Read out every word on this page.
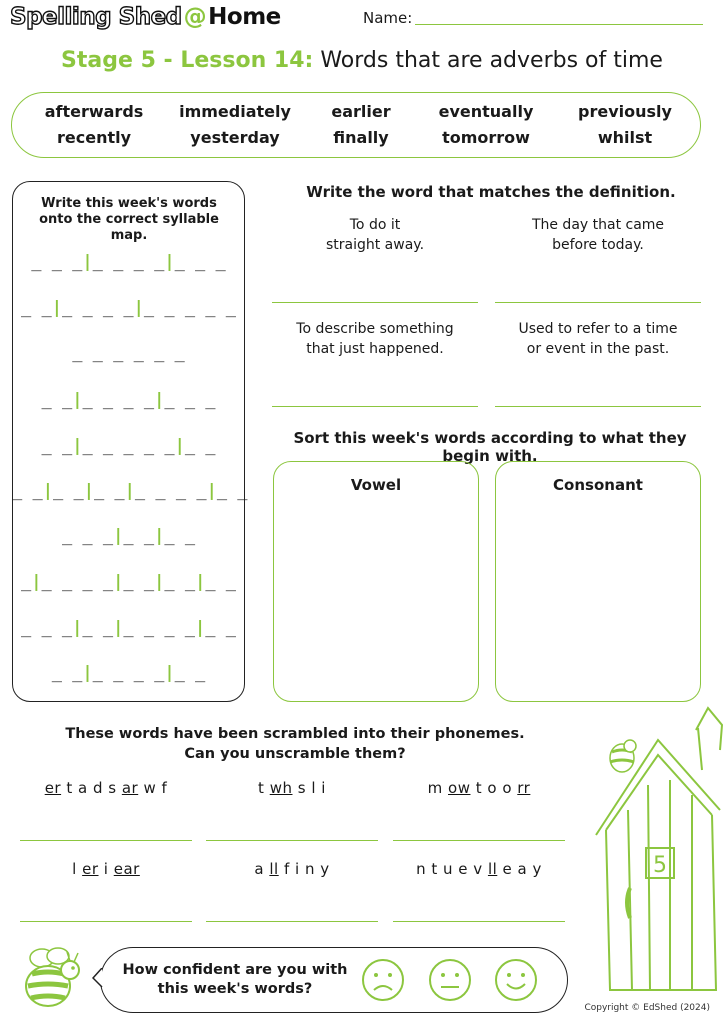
Spelling Shed@Home	Name:
Stage 5 - Lesson 14: Words that are adverbs of time
afterwards	immediately	earlier	eventually	previously
recently	yesterday	finally	tomorrow	whilst
Write this week's words onto the correct syllable map.
_ _ _|_ _ _ _|_ _ _
_ _|_ _ _ _|_ _ _ _ _
_ _ _ _ _ _
_ _|_ _ _ _|_ _ _
_ _|_ _ _ _ _|_ _
_ _|_ _|_ _|_ _ _ _|_ _
_ _ _|_ _|_ _
_|_ _ _ _|_ _|_ _|_ _
_ _ _|_ _|_ _ _ _|_ _
_ _|_ _ _ _|_ _
Write the word that matches the definition.
To do it
straight away.
The day that came
before today.
To describe something
that just happened.
Used to refer to a time
or event in the past.
Sort this week's words according to what they begin with.
Vowel	Consonant
These words have been scrambled into their phonemes.
Can you unscramble them?
er t a d s ar w f	t wh s l i	m ow t o o rr
l er i ear	a ll f i n y	n t u e v ll e a y
How confident are you with
this week's words?
5
Copyright © EdShed (2024)
